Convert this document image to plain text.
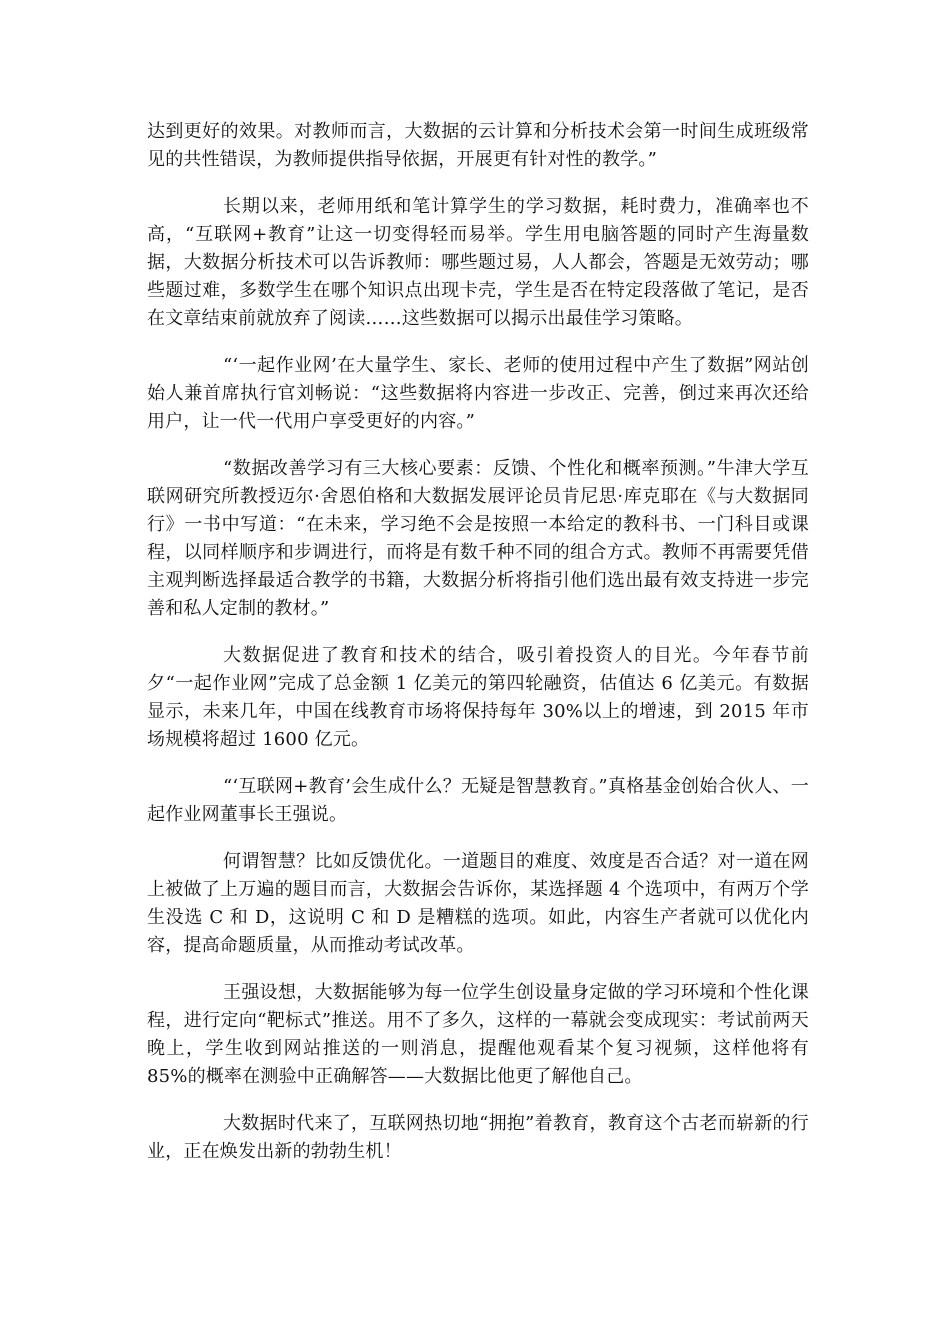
达到更好的效果。对教师而言，大数据的云计算和分析技术会第一时间生成班级常见的共性错误，为教师提供指导依据，开展更有针对性的教学。”

长期以来，老师用纸和笔计算学生的学习数据，耗时费力，准确率也不高，“互联网+教育”让这一切变得轻而易举。学生用电脑答题的同时产生海量数据，大数据分析技术可以告诉教师：哪些题过易，人人都会，答题是无效劳动；哪些题过难，多数学生在哪个知识点出现卡壳，学生是否在特定段落做了笔记，是否在文章结束前就放弃了阅读……这些数据可以揭示出最佳学习策略。

“‘一起作业网’在大量学生、家长、老师的使用过程中产生了数据”网站创始人兼首席执行官刘畅说：“这些数据将内容进一步改正、完善，倒过来再次还给用户，让一代一代用户享受更好的内容。”

“数据改善学习有三大核心要素：反馈、个性化和概率预测。”牛津大学互联网研究所教授迈尔·舍恩伯格和大数据发展评论员肯尼思·库克耶在《与大数据同行》一书中写道：“在未来，学习绝不会是按照一本给定的教科书、一门科目或课程，以同样顺序和步调进行，而将是有数千种不同的组合方式。教师不再需要凭借主观判断选择最适合教学的书籍，大数据分析将指引他们选出最有效支持进一步完善和私人定制的教材。”

大数据促进了教育和技术的结合，吸引着投资人的目光。今年春节前夕“一起作业网”完成了总金额 1 亿美元的第四轮融资，估值达 6 亿美元。有数据显示，未来几年，中国在线教育市场将保持每年 30%以上的增速，到 2015 年市场规模将超过 1600 亿元。

“‘互联网+教育’会生成什么？无疑是智慧教育。”真格基金创始合伙人、一起作业网董事长王强说。

何谓智慧？比如反馈优化。一道题目的难度、效度是否合适？对一道在网上被做了上万遍的题目而言，大数据会告诉你，某选择题 4 个选项中，有两万个学生没选 C 和 D，这说明 C 和 D 是糟糕的选项。如此，内容生产者就可以优化内容，提高命题质量，从而推动考试改革。

王强设想，大数据能够为每一位学生创设量身定做的学习环境和个性化课程，进行定向“靶标式”推送。用不了多久，这样的一幕就会变成现实：考试前两天晚上，学生收到网站推送的一则消息，提醒他观看某个复习视频，这样他将有 85%的概率在测验中正确解答——大数据比他更了解他自己。

大数据时代来了，互联网热切地“拥抱”着教育，教育这个古老而崭新的行业，正在焕发出新的勃勃生机！
